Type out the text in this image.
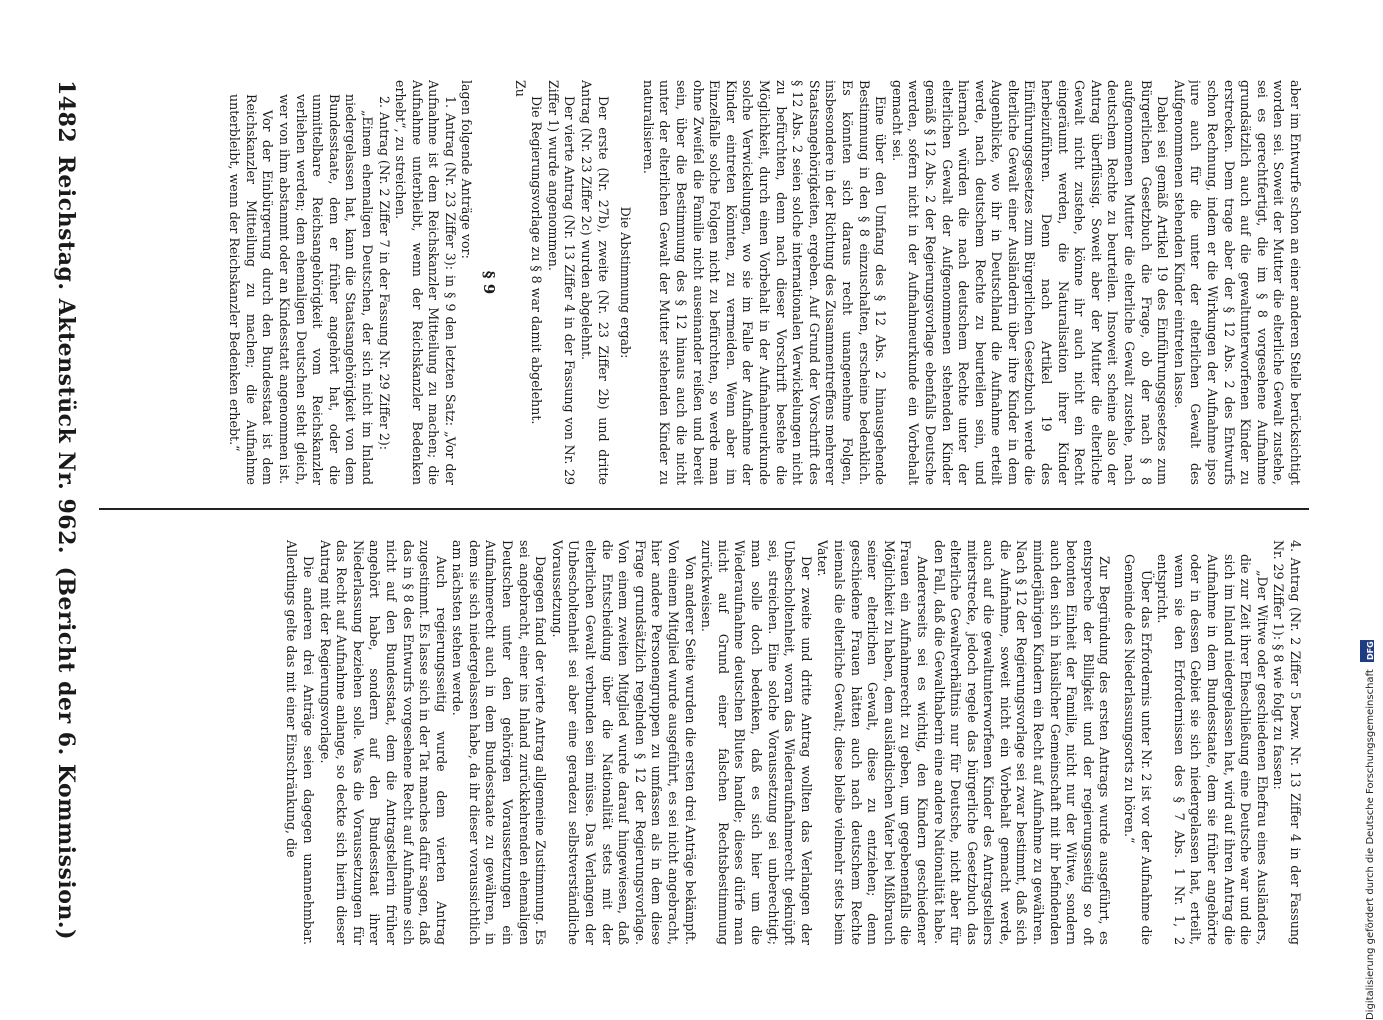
1482
Reichstag. Aktenstück Nr. 962.
(Bericht der 6. Kommission.)	4. Antrag (Nr. 2 Ziffer 5 bezw. Nr. 13 Ziffer 4 in der Fassung Nr. 29 Ziffer 1): § 8 wie folgt zu fassen:

„Der Witwe oder geschiedenen Ehefrau eines Ausländers, die zur Zeit ihrer Eheschließung eine Deutsche war und die sich im Inland niedergelassen hat, wird auf ihren Antrag die Aufnahme in dem Bundesstaate, dem sie früher angehörte oder in dessen Gebiet sie sich niedergelassen hat, erteilt, wenn sie den Erfordernissen des § 7 Abs. 1 Nr. 1, 2 entspricht.

Über das Erfordernis unter Nr. 2 ist vor der Aufnahme die Gemeinde des Niederlassungsorts zu hören.“

Zur Begründung des ersten Antrags wurde ausgeführt, es entspreche der Billigkeit und der regierungsseitig so oft betonten Einheit der Familie, nicht nur der Witwe, sondern auch den sich in häuslicher Gemeinschaft mit ihr befindenden minderjährigen Kindern ein Recht auf Aufnahme zu gewähren. Nach § 12 der Regierungsvorlage sei zwar bestimmt, daß sich die Aufnahme, soweit nicht ein Vorbehalt gemacht werde, auch auf die gewaltunterworfenen Kinder des Antragstellers miterstrecke, jedoch regele das bürgerliche Gesetzbuch das elterliche Gewaltverhältnis nur für Deutsche, nicht aber für den Fall, daß die Gewalthaberin eine andere Nationalität habe.

Andererseits sei es wichtig, den Kindern geschiedener Frauen ein Aufnahmerecht zu geben, um gegebenenfalls die Möglichkeit zu haben, dem ausländischen Vater bei Mißbrauch seiner elterlichen Gewalt, diese zu entziehen; denn geschiedene Frauen hätten auch nach deutschem Rechte niemals die elterliche Gewalt; diese bleibe vielmehr stets beim Vater.

Der zweite und dritte Antrag wollten das Verlangen der Unbescholtenheit, woran das Wiederaufnahmerecht geknüpft sei, streichen. Eine solche Voraussetzung sei unberechtigt; man solle doch bedenken, daß es sich hier um die Wiederaufnahme deutschen Blutes handle; dieses dürfe man nicht auf Grund einer falschen Rechtsbestimmung zurückweisen.

Von anderer Seite wurden die ersten drei Anträge bekämpft. Von einem Mitglied wurde ausgeführt, es sei nicht angebracht, hier andere Personengruppen zu umfassen als in dem diese Frage grundsätzlich regelnden § 12 der Regierungsvorlage. Von einem zweiten Mitglied wurde darauf hingewiesen, daß die Entscheidung über die Nationalität stets mit der elterlichen Gewalt verbunden sein müsse. Das Verlangen der Unbescholtenheit sei aber eine geradezu selbstverständliche Voraussetzung.

Dagegen fand der vierte Antrag allgemeine Zustimmung. Es sei angebracht, einer ins Inland zurückkehrenden ehemaligen Deutschen unter den gehörigen Voraussetzungen ein Aufnahmerecht auch in dem Bundesstaate zu gewähren, in dem sie sich niedergelassen habe, da ihr dieser voraussichtlich am nächsten stehen werde.

Auch regierungsseitig wurde dem vierten Antrag zugestimmt. Es lasse sich in der Tat manches dafür sagen, daß das in § 8 des Entwurfs vorgesehene Recht auf Aufnahme sich nicht auf den Bundesstaat, dem die Antragstellerin früher angehört habe, sondern auf den Bundesstaat ihrer Niederlassung beziehen solle. Was die Voraussetzungen für das Recht auf Aufnahme anlange, so deckte sich hierin dieser Antrag mit der Regierungsvorlage.

Die anderen drei Anträge seien dagegen unannehmbar. Allerdings gelte das mit einer Einschränkung, die

aber im Entwurfe schon an einer anderen Stelle berücksichtigt worden sei. Soweit der Mutter die elterliche Gewalt zustehe, sei es gerechtfertigt, die im § 8 vorgesehene Aufnahme grundsätzlich auch auf die gewaltunterworfenen Kinder zu erstrecken. Dem trage aber der § 12 Abs. 2 des Entwurfs schon Rechnung, indem er die Wirkungen der Aufnahme ipso jure auch für die unter der elterlichen Gewalt des Aufgenommenen stehenden Kinder eintreten lasse.

Dabei sei gemäß Artikel 19 des Einführungsgesetzes zum Bürgerlichen Gesetzbuch die Frage, ob der nach § 8 aufgenommenen Mutter die elterliche Gewalt zustehe, nach deutschem Rechte zu beurteilen. Insoweit scheine also der Antrag überflüssig. Soweit aber der Mutter die elterliche Gewalt nicht zustehe, könne ihr auch nicht ein Recht eingeräumt werden, die Naturalisation ihrer Kinder herbeizuführen. Denn nach Artikel 19 des Einführungsgesetzes zum Bürgerlichen Gesetzbuch werde die elterliche Gewalt einer Ausländerin über ihre Kinder in dem Augenblicke, wo ihr in Deutschland die Aufnahme erteilt werde, nach deutschem Rechte zu beurteilen sein, und hiernach würden die nach deutschem Rechte unter der elterlichen Gewalt der Aufgenommenen stehenden Kinder gemäß § 12 Abs. 2 der Regierungsvorlage ebenfalls Deutsche werden, sofern nicht in der Aufnahmeurkunde ein Vorbehalt gemacht sei.

Eine über den Umfang des § 12 Abs. 2 hinausgehende Bestimmung in den § 8 einzuschalten, erscheine bedenklich. Es könnten sich daraus recht unangenehme Folgen, insbesondere in der Richtung des Zusammentreffens mehrerer Staatsangehörigkeiten, ergeben. Auf Grund der Vorschrift des § 12 Abs. 2 seien solche internationalen Verwickelungen nicht zu befürchten, denn nach dieser Vorschrift bestehe die Möglichkeit, durch einen Vorbehalt in der Aufnahmeurkunde solche Verwickelungen, wo sie im Falle der Aufnahme der Kinder eintreten könnten, zu vermeiden. Wenn aber im Einzelfalle solche Folgen nicht zu befürchten, so werde man ohne Zweifel die Familie nicht auseinander reißen und bereit sein, über die Bestimmung des § 12 hinaus auch die nicht unter der elterlichen Gewalt der Mutter stehenden Kinder zu naturalisieren.

Die Abstimmung ergab:

Der erste (Nr. 27b), zweite (Nr. 23 Ziffer 2b) und dritte Antrag (Nr. 23 Ziffer 2c) wurden abgelehnt.

Der vierte Antrag (Nr. 13 Ziffer 4 in der Fassung von Nr. 29 Ziffer 1) wurde angenommen.

Die Regierungsvorlage zu § 8 war damit abgelehnt.

Zu

§ 9

lagen folgende Anträge vor:

1. Antrag (Nr. 23 Ziffer 3): in § 9 den letzten Satz: „Vor der Aufnahme ist dem Reichskanzler Mitteilung zu machen; die Aufnahme unterbleibt, wenn der Reichskanzler Bedenken erhebt“, zu streichen.

2. Antrag (Nr. 2 Ziffer 7 in der Fassung Nr. 29 Ziffer 2):

„Einem ehemaligen Deutschen, der sich nicht im Inland niedergelassen hat, kann die Staatsangehörigkeit von dem Bundesstaate, dem er früher angehört hat, oder die unmittelbare Reichsangehörigkeit vom Reichskanzler verliehen werden; dem ehemaligen Deutschen steht gleich, wer von ihm abstammt oder an Kindesstatt angenommen ist.

Vor der Einbürgerung durch den Bundesstaat ist dem Reichskanzler Mitteilung zu machen; die Aufnahme unterbleibt, wenn der Reichskanzler Bedenken erhebt.“

Digitalisierung gefördert durch die Deutsche Forschungsgemeinschaft DFG
